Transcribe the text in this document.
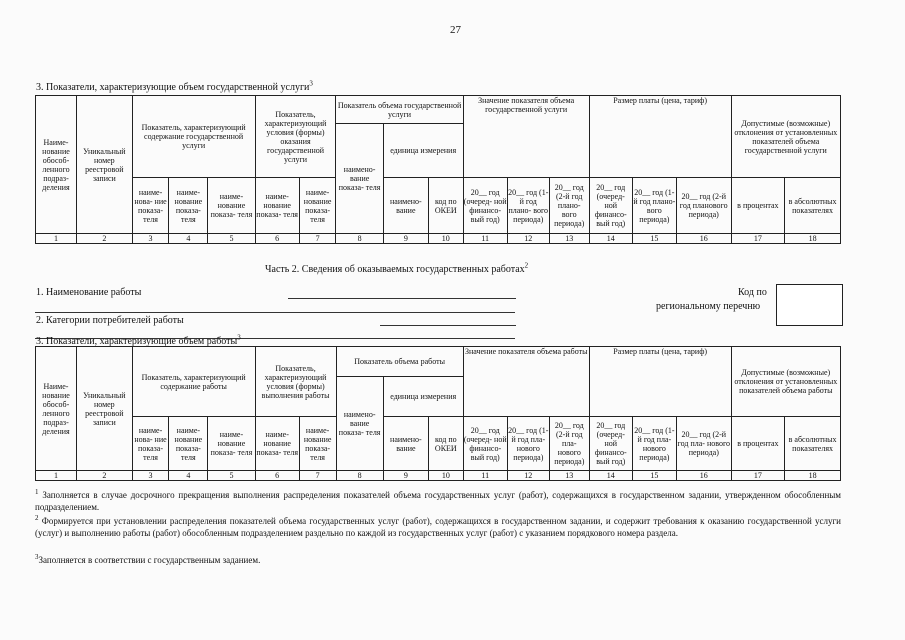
27
3. Показатели, характеризующие объем государственной услуги$^3$
Наиме- нование обособ- ленного подраз- деления	Уникальный номер реестровой записи	Показатель, характеризующий содержание государственной услуги			Показатель, характеризующий условия (формы) оказания государственной услуги		Показатель объема государственной услуги			Значение показателя объема государственной услуги			Размер платы (цена, тариф)			Допустимые (возможные) отклонения от установленных показателей объема государственной услуги	
							наимено- вание показа- теля	единица измерения									
		наиме- нова- ние показа- теля	наиме- нование показа- теля	наиме- нование показа- теля	наиме- нование показа- теля	наиме- нование показа- теля		наимено- вание	код по ОКЕИ	20__ год (очеред- ной финансо- вый год)	20__ год (1-й год плано- вого периода)	20__ год (2-й год плано- вого периода)	20__ год (очеред- ной финансо- вый год)	20__ год (1-й год плано- вого периода)	20__ год (2-й год планового периода)	в процентах	в абсолютных показателях
1	2	3	4	5	6	7	8	9	10	11	12	13	14	15	16	17	18
Часть 2. Сведения об оказываемых государственных работах$^2$
1. Наименование работы	Код по
региональному перечню
2. Категории потребителей работы
3. Показатели, характеризующие объем работы$^3$
Наиме- нование обособ- ленного подраз- деления	Уникальный номер реестровой записи	Показатель, характеризующий содержание работы			Показатель, характеризующий условия (формы) выполнения работы		Показатель объема работы			Значение показателя объема работы			Размер платы (цена, тариф)			Допустимые (возможные) отклонения от установленных показателей объема работы	
							наимено- вание показа- теля	единица измерения									
		наиме- нова- ние показа- теля	наиме- нование показа- теля	наиме- нование показа- теля	наиме- нование показа- теля	наиме- нование показа- теля		наимено- вание	код по ОКЕИ	20__ год (очеред- ной финансо- вый год)	20__ год (1-й год пла- нового периода)	20__ год (2-й год пла- нового периода)	20__ год (очеред- ной финансо- вый год)	20__ год (1-й год пла- нового периода)	20__ год (2-й год пла- нового периода)	в процентах	в абсолютных показателях
1	2	3	4	5	6	7	8	9	10	11	12	13	14	15	16	17	18
$^1$ Заполняется в случае досрочного прекращения выполнения распределения показателей объема государственных услуг (работ), содержащихся в государственном задании, утвержденном обособленным подразделением.
$^2$ Формируется при установлении распределения показателей объема государственных услуг (работ), содержащихся в государственном задании, и содержит требования к оказанию государственной услуги (услуг) и выполнению работы (работ) обособленным подразделением раздельно по каждой из государственных услуг (работ) с указанием порядкового номера раздела.
$^3$Заполняется в соответствии с государственным заданием.
